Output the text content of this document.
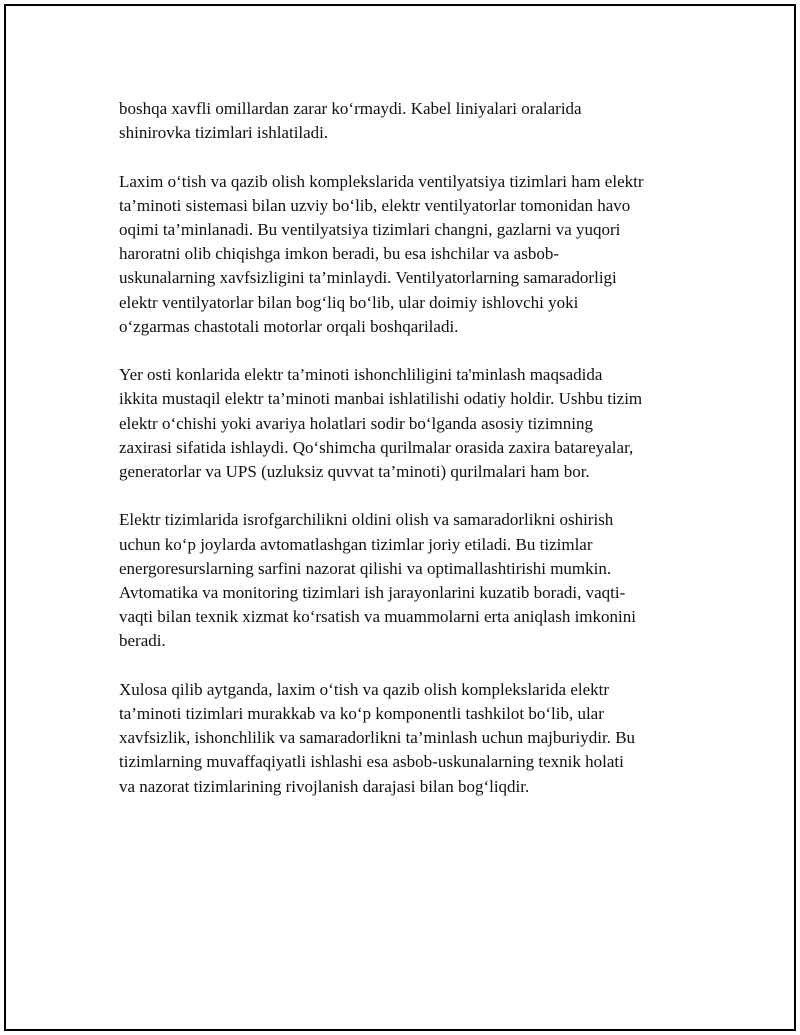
boshqa xavfli omillardan zarar ko‘rmaydi. Kabel liniyalari oralarida
shinirovka tizimlari ishlatiladi.

Laxim o‘tish va qazib olish komplekslarida ventilyatsiya tizimlari ham elektr
ta’minoti sistemasi bilan uzviy bo‘lib, elektr ventilyatorlar tomonidan havo
oqimi ta’minlanadi. Bu ventilyatsiya tizimlari changni, gazlarni va yuqori
haroratni olib chiqishga imkon beradi, bu esa ishchilar va asbob-
uskunalarning xavfsizligini ta’minlaydi. Ventilyatorlarning samaradorligi
elektr ventilyatorlar bilan bog‘liq bo‘lib, ular doimiy ishlovchi yoki
o‘zgarmas chastotali motorlar orqali boshqariladi.

Yer osti konlarida elektr ta’minoti ishonchliligini ta'minlash maqsadida
ikkita mustaqil elektr ta’minoti manbai ishlatilishi odatiy holdir. Ushbu tizim
elektr o‘chishi yoki avariya holatlari sodir bo‘lganda asosiy tizimning
zaxirasi sifatida ishlaydi. Qo‘shimcha qurilmalar orasida zaxira batareyalar,
generatorlar va UPS (uzluksiz quvvat ta’minoti) qurilmalari ham bor.

Elektr tizimlarida isrofgarchilikni oldini olish va samaradorlikni oshirish
uchun ko‘p joylarda avtomatlashgan tizimlar joriy etiladi. Bu tizimlar
energoresurslarning sarfini nazorat qilishi va optimallashtirishi mumkin.
Avtomatika va monitoring tizimlari ish jarayonlarini kuzatib boradi, vaqti-
vaqti bilan texnik xizmat ko‘rsatish va muammolarni erta aniqlash imkonini
beradi.

Xulosa qilib aytganda, laxim o‘tish va qazib olish komplekslarida elektr
ta’minoti tizimlari murakkab va ko‘p komponentli tashkilot bo‘lib, ular
xavfsizlik, ishonchlilik va samaradorlikni ta’minlash uchun majburiydir. Bu
tizimlarning muvaffaqiyatli ishlashi esa asbob-uskunalarning texnik holati
va nazorat tizimlarining rivojlanish darajasi bilan bog‘liqdir.
